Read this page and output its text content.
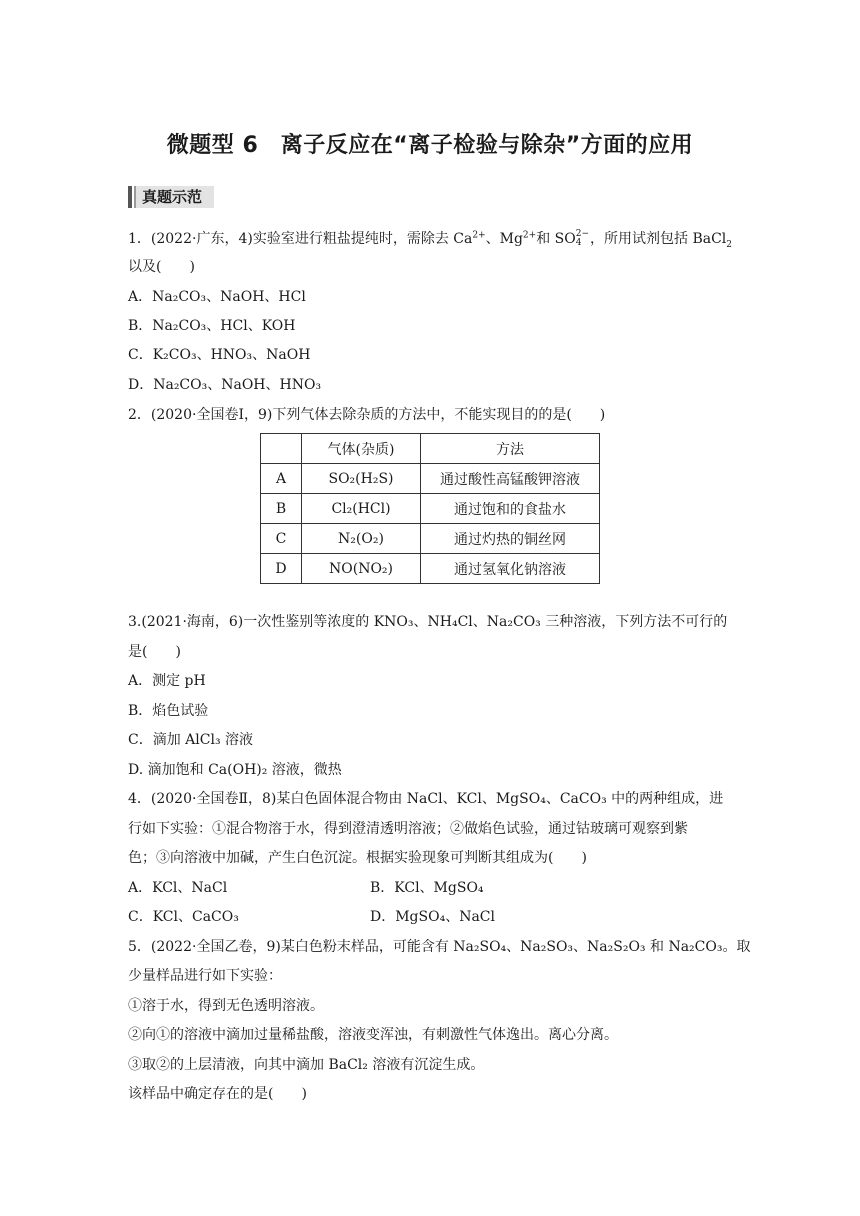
微题型 6　离子反应在“离子检验与除杂”方面的应用
真题示范
1．(2022·广东，4)实验室进行粗盐提纯时，需除去 $Ca^{2+}$、$Mg^{2+}$和 SO 2−
4 ，所用试剂包括 BaCl$_2$
以及(　　)
A．Na₂CO₃、NaOH、HCl
B．Na₂CO₃、HCl、KOH
C．K₂CO₃、HNO₃、NaOH
D．Na₂CO₃、NaOH、HNO₃
2．(2020·全国卷Ⅰ，9)下列气体去除杂质的方法中，不能实现目的的是(　　)
	气体(杂质)	方法
A	SO₂(H₂S)	通过酸性高锰酸钾溶液
B	Cl₂(HCl)	通过饱和的食盐水
C	N₂(O₂)	通过灼热的铜丝网
D	NO(NO₂)	通过氢氧化钠溶液
3.(2021·海南，6)一次性鉴别等浓度的 KNO₃、NH₄Cl、Na₂CO₃ 三种溶液，下列方法不可行的
是(　　)
A．测定 pH
B．焰色试验
C．滴加 AlCl₃ 溶液
D. 滴加饱和 Ca(OH)₂ 溶液，微热
4．(2020·全国卷Ⅱ，8)某白色固体混合物由 NaCl、KCl、MgSO₄、CaCO₃ 中的两种组成，进
行如下实验：①混合物溶于水，得到澄清透明溶液；②做焰色试验，通过钴玻璃可观察到紫
色；③向溶液中加碱，产生白色沉淀。根据实验现象可判断其组成为(　　)
A．KCl、NaCl	B．KCl、MgSO₄
C．KCl、CaCO₃	D．MgSO₄、NaCl
5．(2022·全国乙卷，9)某白色粉末样品，可能含有 Na₂SO₄、Na₂SO₃、Na₂S₂O₃ 和 Na₂CO₃。取
少量样品进行如下实验：
①溶于水，得到无色透明溶液。
②向①的溶液中滴加过量稀盐酸，溶液变浑浊，有刺激性气体逸出。离心分离。
③取②的上层清液，向其中滴加 BaCl₂ 溶液有沉淀生成。
该样品中确定存在的是(　　)
